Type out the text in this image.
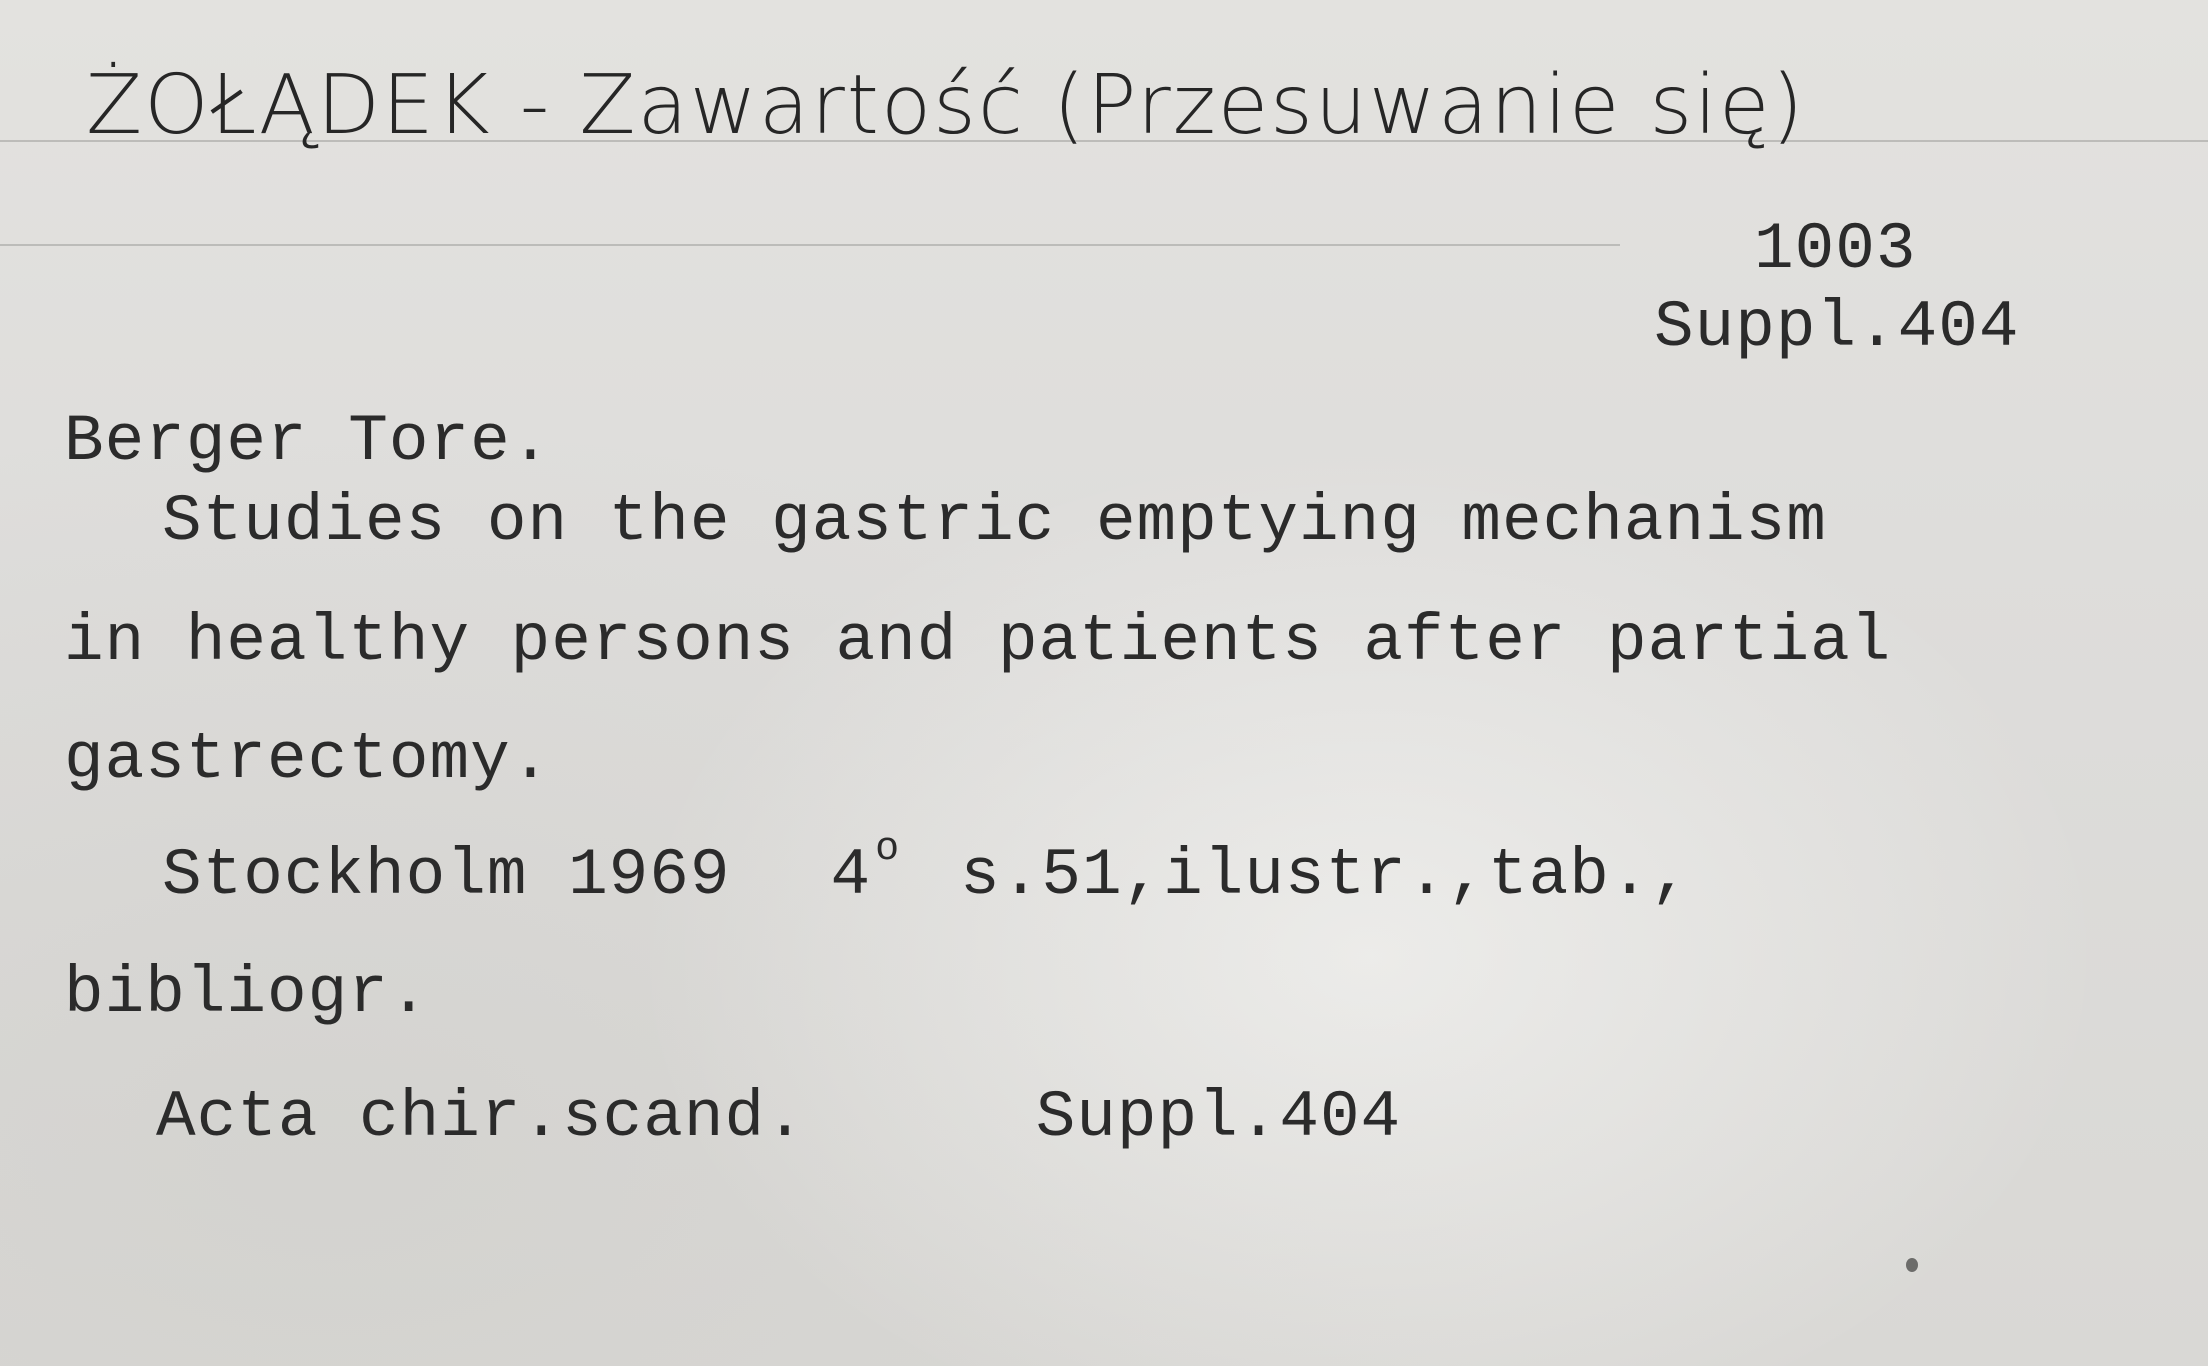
ŻOŁĄDEK - Zawartość (Przesuwanie się)
1003
Suppl.404
Berger Tore.
Studies on the gastric emptying mechanism
in healthy persons and patients after partial
gastrectomy.
Stockholm 1969 4 $^o$ s.51,ilustr.,tab.,
bibliogr.
Acta chir.scand.	Suppl.404
